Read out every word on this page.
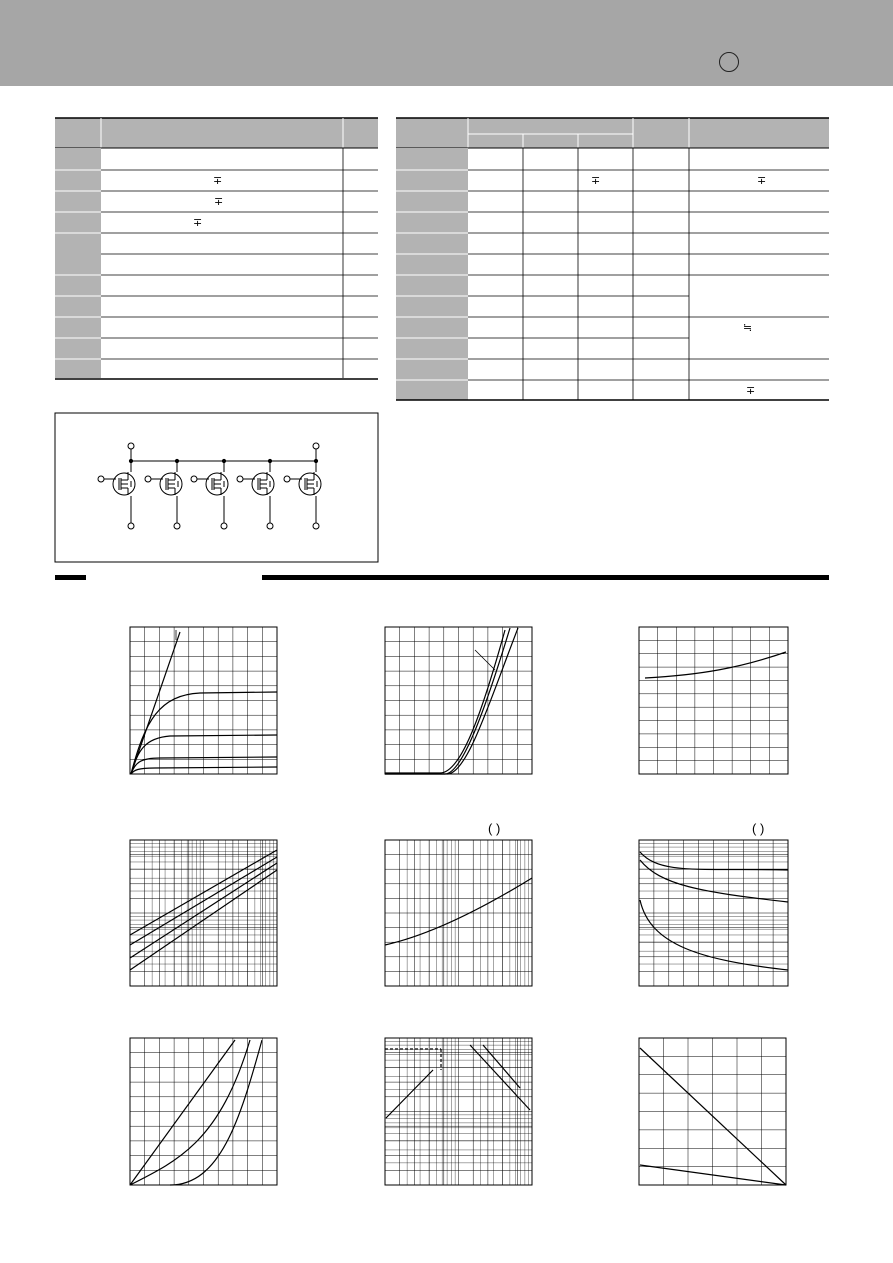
∓
∓
∓
∓	∓
≒
∓
( )	( )
